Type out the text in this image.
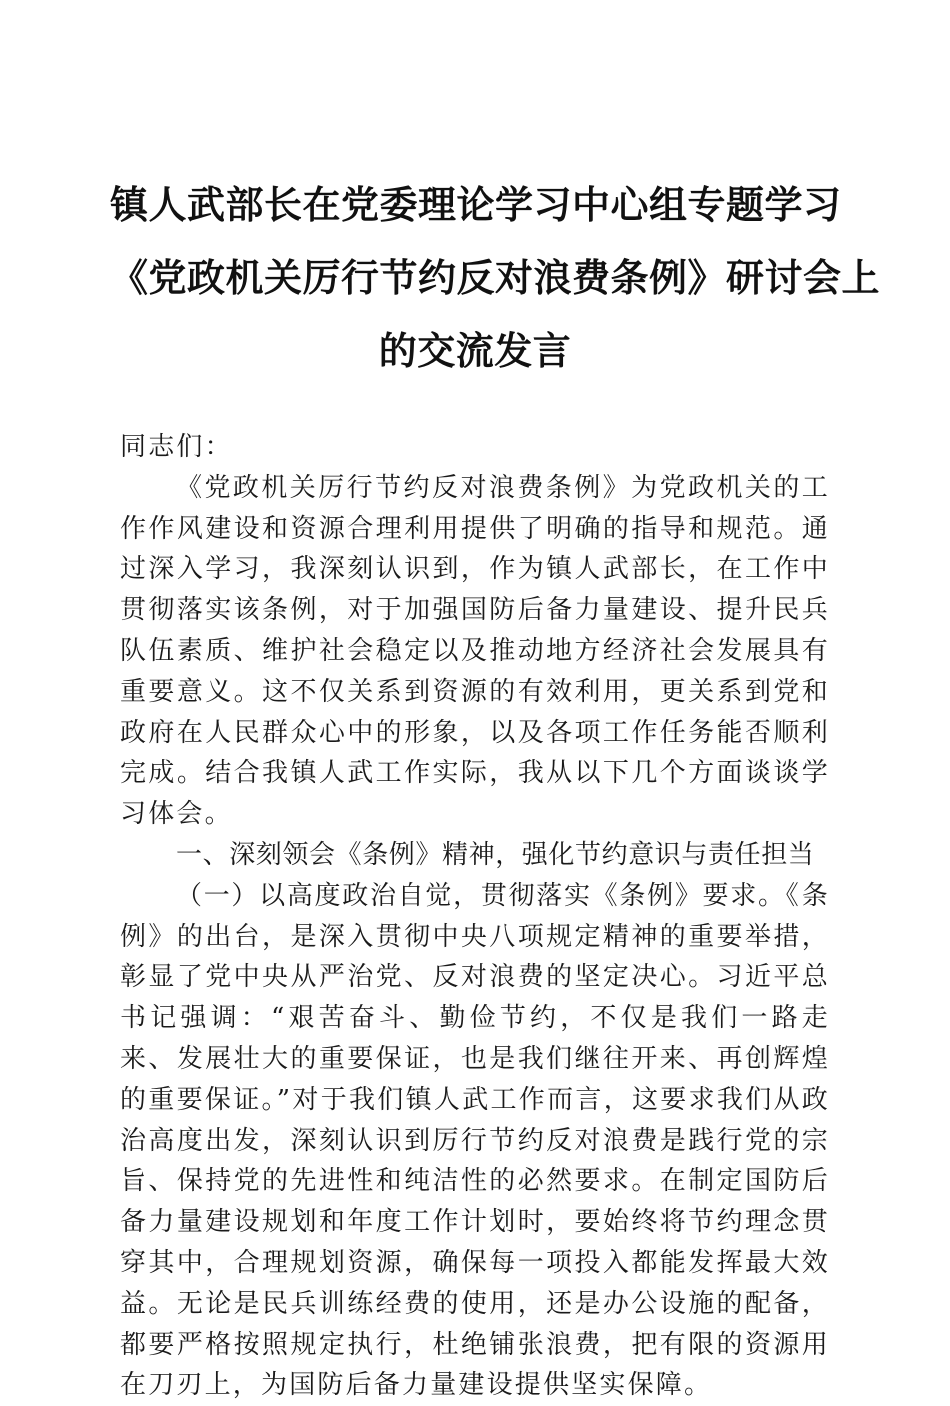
镇人武部长在党委理论学习中心组专题学习
《党政机关厉行节约反对浪费条例》研讨会上
的交流发言

同志们：

《党政机关厉行节约反对浪费条例》为党政机关的工作作风建设和资源合理利用提供了明确的指导和规范。通过深入学习，我深刻认识到，作为镇人武部长，在工作中贯彻落实该条例，对于加强国防后备力量建设、提升民兵队伍素质、维护社会稳定以及推动地方经济社会发展具有重要意义。这不仅关系到资源的有效利用，更关系到党和政府在人民群众心中的形象，以及各项工作任务能否顺利完成。结合我镇人武工作实际，我从以下几个方面谈谈学习体会。

一、深刻领会《条例》精神，强化节约意识与责任担当

（一）以高度政治自觉，贯彻落实《条例》要求。《条例》的出台，是深入贯彻中央八项规定精神的重要举措，彰显了党中央从严治党、反对浪费的坚定决心。习近平总书记强调：“艰苦奋斗、勤俭节约，不仅是我们一路走来、发展壮大的重要保证，也是我们继往开来、再创辉煌的重要保证。”对于我们镇人武工作而言，这要求我们从政治高度出发，深刻认识到厉行节约反对浪费是践行党的宗旨、保持党的先进性和纯洁性的必然要求。在制定国防后备力量建设规划和年度工作计划时，要始终将节约理念贯穿其中，合理规划资源，确保每一项投入都能发挥最大效益。无论是民兵训练经费的使用，还是办公设施的配备，都要严格按照规定执行，杜绝铺张浪费，把有限的资源用在刀刃上，为国防后备力量建设提供坚实保障。
